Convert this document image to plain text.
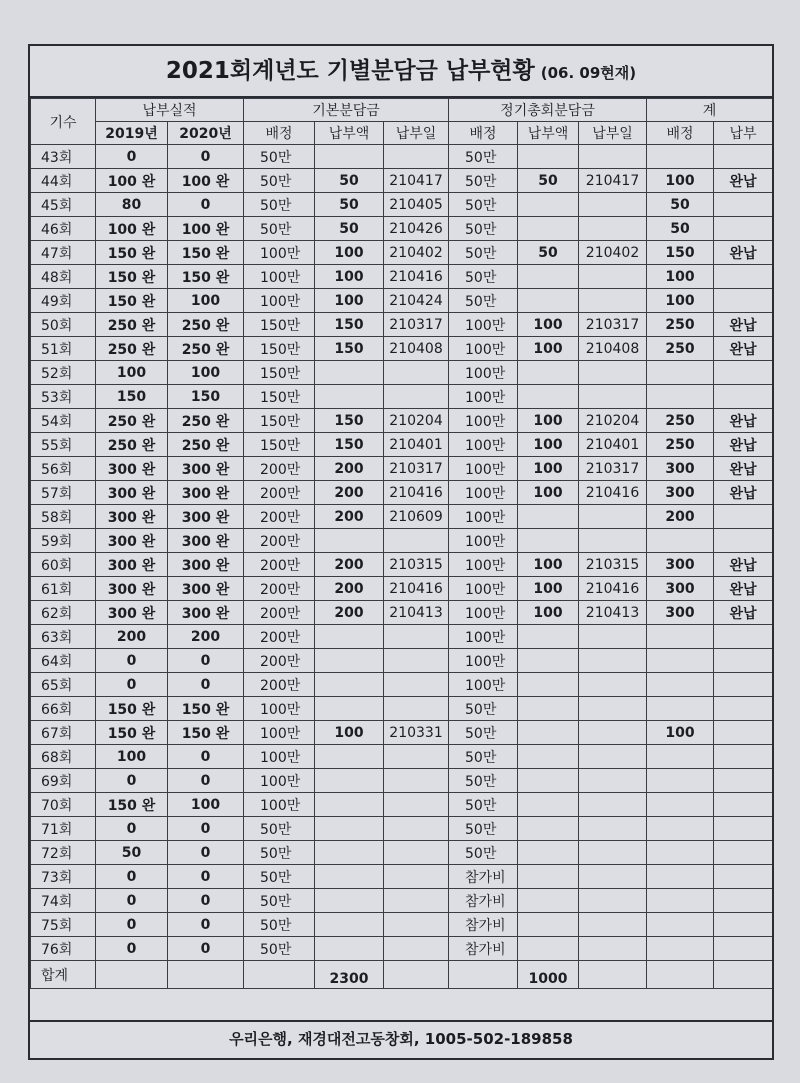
2021회계년도 기별분담금 납부현황 (06. 09현재)
기수	납부실적		기본분담금			정기총회분담금			계	
	2019년	2020년	배정	납부액	납부일	배정	납부액	납부일	배정	납부
43회	0	0	50만			50만				
44회	100 완	100 완	50만	50	210417	50만	50	210417	100	완납
45회	80	0	50만	50	210405	50만			50	
46회	100 완	100 완	50만	50	210426	50만			50	
47회	150 완	150 완	100만	100	210402	50만	50	210402	150	완납
48회	150 완	150 완	100만	100	210416	50만			100	
49회	150 완	100	100만	100	210424	50만			100	
50회	250 완	250 완	150만	150	210317	100만	100	210317	250	완납
51회	250 완	250 완	150만	150	210408	100만	100	210408	250	완납
52회	100	100	150만			100만				
53회	150	150	150만			100만				
54회	250 완	250 완	150만	150	210204	100만	100	210204	250	완납
55회	250 완	250 완	150만	150	210401	100만	100	210401	250	완납
56회	300 완	300 완	200만	200	210317	100만	100	210317	300	완납
57회	300 완	300 완	200만	200	210416	100만	100	210416	300	완납
58회	300 완	300 완	200만	200	210609	100만			200	
59회	300 완	300 완	200만			100만				
60회	300 완	300 완	200만	200	210315	100만	100	210315	300	완납
61회	300 완	300 완	200만	200	210416	100만	100	210416	300	완납
62회	300 완	300 완	200만	200	210413	100만	100	210413	300	완납
63회	200	200	200만			100만				
64회	0	0	200만			100만				
65회	0	0	200만			100만				
66회	150 완	150 완	100만			50만				
67회	150 완	150 완	100만	100	210331	50만			100	
68회	100	0	100만			50만				
69회	0	0	100만			50만				
70회	150 완	100	100만			50만				
71회	0	0	50만			50만				
72회	50	0	50만			50만				
73회	0	0	50만			참가비				
74회	0	0	50만			참가비				
75회	0	0	50만			참가비				
76회	0	0	50만			참가비				
합계				2300			1000			
우리은행, 재경대전고동창회, 1005-502-189858
